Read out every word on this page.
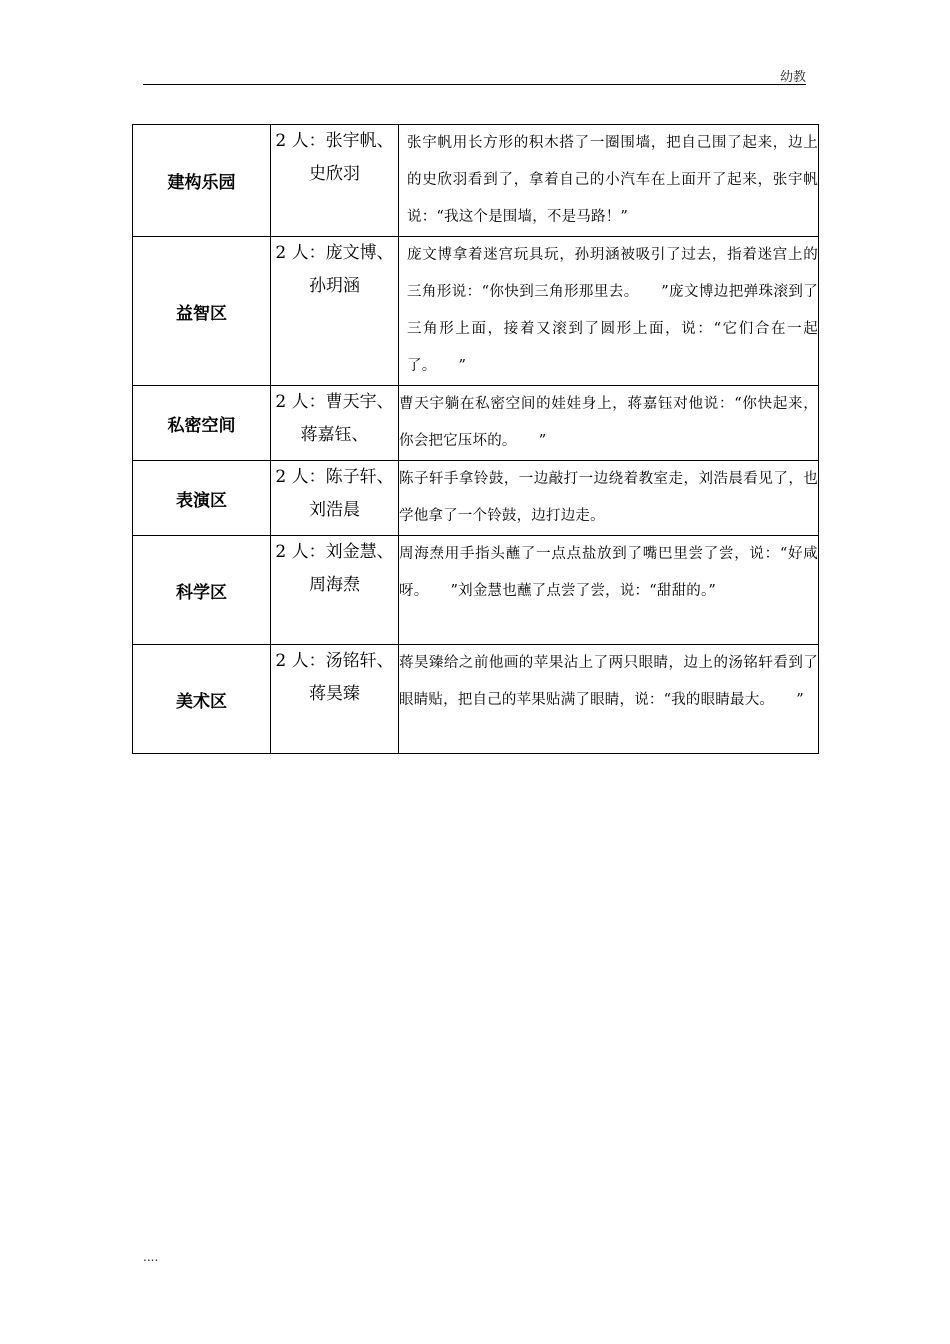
幼教
建构乐园	2 人：张宇帆、史欣羽	张宇帆用长方形的积木搭了一圈围墙，把自己围了起来，边上的史欣羽看到了，拿着自己的小汽车在上面开了起来，张宇帆说：“我这个是围墙，不是马路！”

益智区	2 人：庞文博、孙玥涵	庞文博拿着迷宫玩具玩，孙玥涵被吸引了过去，指着迷宫上的三角形说：“你快到三角形那里去。　　”庞文博边把弹珠滚到了三角形上面，接着又滚到了圆形上面，说：“它们合在一起了。　　”

私密空间	2 人：曹天宇、蒋嘉钰、	曹天宇躺在私密空间的娃娃身上，蒋嘉钰对他说：“你快起来，你会把它压坏的。　　”

表演区	2 人：陈子轩、刘浩晨	陈子轩手拿铃鼓，一边敲打一边绕着教室走，刘浩晨看见了，也学他拿了一个铃鼓，边打边走。

科学区	2 人：刘金慧、周海焘	周海焘用手指头蘸了一点点盐放到了嘴巴里尝了尝，说：“好咸呀。　　”刘金慧也蘸了点尝了尝，说：“甜甜的。”

美术区	2 人：汤铭轩、蒋昊臻	蒋昊臻给之前他画的苹果沾上了两只眼睛，边上的汤铭轩看到了眼睛贴，把自己的苹果贴满了眼睛，说：“我的眼睛最大。　　”
....
